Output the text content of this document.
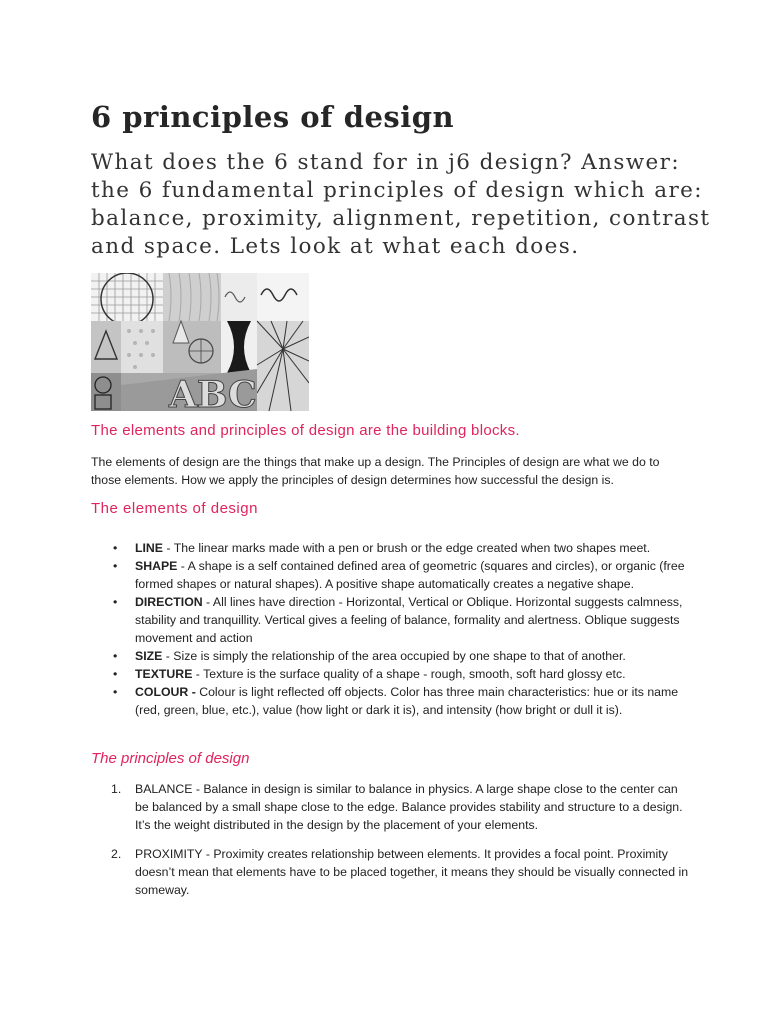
6 principles of design

What does the 6 stand for in j6 design? Answer: the 6 fundamental principles of design which are: balance, proximity, alignment, repetition, contrast and space. Lets look at what each does.

ABC

The elements and principles of design are the building blocks.

The elements of design are the things that make up a design. The Principles of design are what we do to those elements. How we apply the principles of design determines how successful the design is.

The elements of design

• LINE - The linear marks made with a pen or brush or the edge created when two shapes meet.
• SHAPE - A shape is a self contained defined area of geometric (squares and circles), or organic (free formed shapes or natural shapes). A positive shape automatically creates a negative shape.
• DIRECTION - All lines have direction - Horizontal, Vertical or Oblique. Horizontal suggests calmness, stability and tranquillity. Vertical gives a feeling of balance, formality and alertness. Oblique suggests movement and action
• SIZE - Size is simply the relationship of the area occupied by one shape to that of another.
• TEXTURE - Texture is the surface quality of a shape - rough, smooth, soft hard glossy etc.
• COLOUR - Colour is light reflected off objects. Color has three main characteristics: hue or its name (red, green, blue, etc.), value (how light or dark it is), and intensity (how bright or dull it is).

The principles of design

1. BALANCE - Balance in design is similar to balance in physics. A large shape close to the center can be balanced by a small shape close to the edge. Balance provides stability and structure to a design. It’s the weight distributed in the design by the placement of your elements.
2. PROXIMITY - Proximity creates relationship between elements. It provides a focal point. Proximity doesn’t mean that elements have to be placed together, it means they should be visually connected in someway.
